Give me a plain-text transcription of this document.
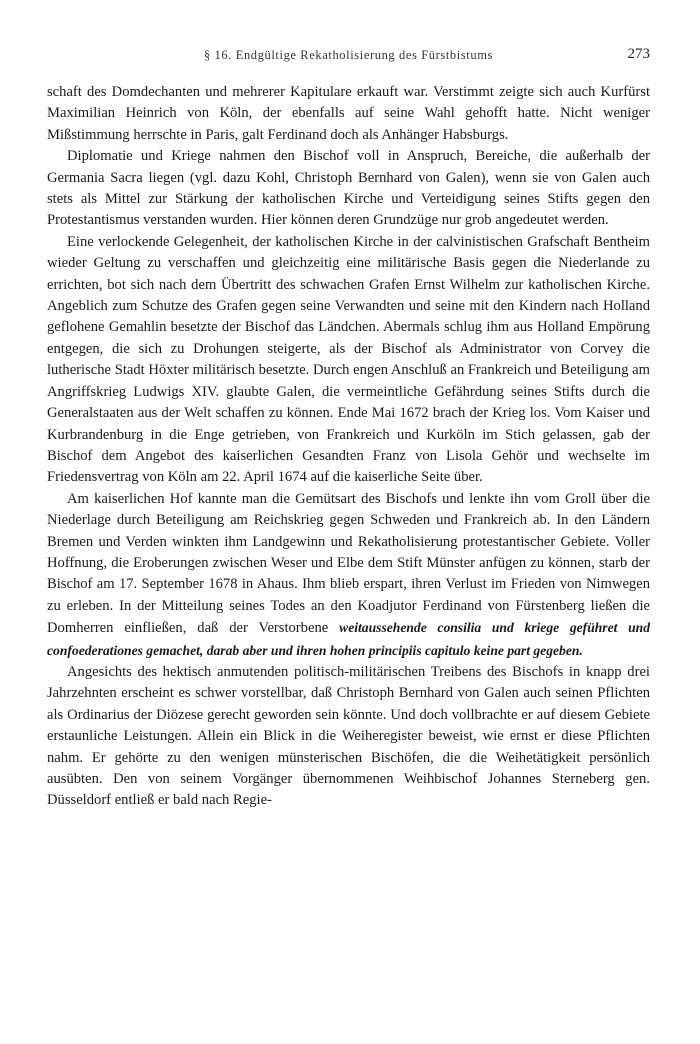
§ 16. Endgültige Rekatholisierung des Fürstbistums	273

schaft des Domdechanten und mehrerer Kapitulare erkauft war. Verstimmt zeigte sich auch Kurfürst Maximilian Heinrich von Köln, der ebenfalls auf seine Wahl gehofft hatte. Nicht weniger Mißstimmung herrschte in Paris, galt Ferdinand doch als Anhänger Habsburgs.

Diplomatie und Kriege nahmen den Bischof voll in Anspruch, Bereiche, die außerhalb der Germania Sacra liegen (vgl. dazu Kohl, Christoph Bernhard von Galen), wenn sie von Galen auch stets als Mittel zur Stärkung der katholischen Kirche und Verteidigung seines Stifts gegen den Protestantismus verstanden wurden. Hier können deren Grundzüge nur grob angedeutet werden.

Eine verlockende Gelegenheit, der katholischen Kirche in der calvinistischen Grafschaft Bentheim wieder Geltung zu verschaffen und gleichzeitig eine militärische Basis gegen die Niederlande zu errichten, bot sich nach dem Übertritt des schwachen Grafen Ernst Wilhelm zur katholischen Kirche. Angeblich zum Schutze des Grafen gegen seine Verwandten und seine mit den Kindern nach Holland geflohene Gemahlin besetzte der Bischof das Ländchen. Abermals schlug ihm aus Holland Empörung entgegen, die sich zu Drohungen steigerte, als der Bischof als Administrator von Corvey die lutherische Stadt Höxter militärisch besetzte. Durch engen Anschluß an Frankreich und Beteiligung am Angriffskrieg Ludwigs XIV. glaubte Galen, die vermeintliche Gefährdung seines Stifts durch die Generalstaaten aus der Welt schaffen zu können. Ende Mai 1672 brach der Krieg los. Vom Kaiser und Kurbrandenburg in die Enge getrieben, von Frankreich und Kurköln im Stich gelassen, gab der Bischof dem Angebot des kaiserlichen Gesandten Franz von Lisola Gehör und wechselte im Friedensvertrag von Köln am 22. April 1674 auf die kaiserliche Seite über.

Am kaiserlichen Hof kannte man die Gemütsart des Bischofs und lenkte ihn vom Groll über die Niederlage durch Beteiligung am Reichskrieg gegen Schweden und Frankreich ab. In den Ländern Bremen und Verden winkten ihm Landgewinn und Rekatholisierung protestantischer Gebiete. Voller Hoffnung, die Eroberungen zwischen Weser und Elbe dem Stift Münster anfügen zu können, starb der Bischof am 17. September 1678 in Ahaus. Ihm blieb erspart, ihren Verlust im Frieden von Nimwegen zu erleben. In der Mitteilung seines Todes an den Koadjutor Ferdinand von Fürstenberg ließen die Domherren einfließen, daß der Verstorbene weitaussehende consilia und kriege geführet und confoederationes gemachet, darab aber und ihren hohen principiis capitulo keine part gegeben.

Angesichts des hektisch anmutenden politisch-militärischen Treibens des Bischofs in knapp drei Jahrzehnten erscheint es schwer vorstellbar, daß Christoph Bernhard von Galen auch seinen Pflichten als Ordinarius der Diözese gerecht geworden sein könnte. Und doch vollbrachte er auf diesem Gebiete erstaunliche Leistungen. Allein ein Blick in die Weiheregister beweist, wie ernst er diese Pflichten nahm. Er gehörte zu den wenigen münsterischen Bischöfen, die die Weihetätigkeit persönlich ausübten. Den von seinem Vorgänger übernommenen Weihbischof Johannes Sterneberg gen. Düsseldorf entließ er bald nach Regie-
